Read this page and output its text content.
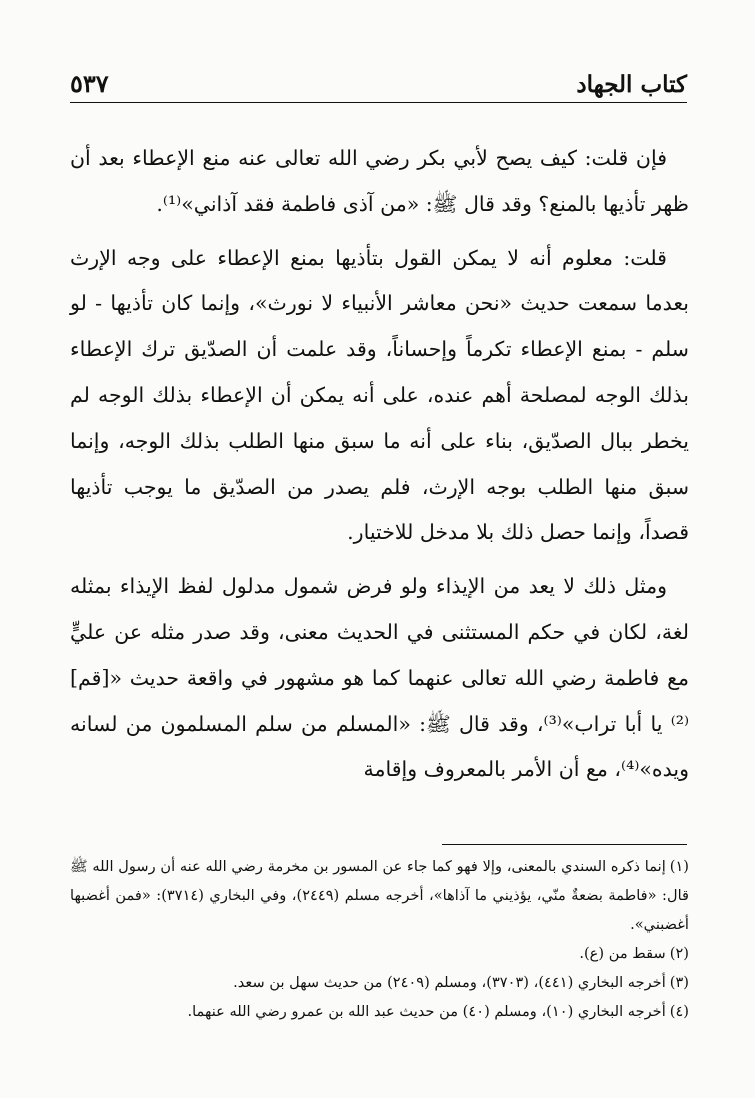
كتاب الجهاد
٥٣٧

فإن قلت: كيف يصح لأبي بكر رضي الله تعالى عنه منع الإعطاء بعد أن ظهر تأذيها بالمنع؟ وقد قال ﷺ: «من آذى فاطمة فقد آذاني»⁽¹⁾.

قلت: معلوم أنه لا يمكن القول بتأذيها بمنع الإعطاء على وجه الإرث بعدما سمعت حديث «نحن معاشر الأنبياء لا نورث»، وإنما كان تأذيها - لو سلم - بمنع الإعطاء تكرماً وإحساناً، وقد علمت أن الصدّيق ترك الإعطاء بذلك الوجه لمصلحة أهم عنده، على أنه يمكن أن الإعطاء بذلك الوجه لم يخطر ببال الصدّيق، بناء على أنه ما سبق منها الطلب بذلك الوجه، وإنما سبق منها الطلب بوجه الإرث، فلم يصدر من الصدّيق ما يوجب تأذيها قصداً، وإنما حصل ذلك بلا مدخل للاختيار.

ومثل ذلك لا يعد من الإيذاء ولو فرض شمول مدلول لفظ الإيذاء بمثله لغة، لكان في حكم المستثنى في الحديث معنى، وقد صدر مثله عن عليٍّ مع فاطمة رضي الله تعالى عنهما كما هو مشهور في واقعة حديث «[قم]⁽²⁾ يا أبا تراب»⁽³⁾، وقد قال ﷺ: «المسلم من سلم المسلمون من لسانه ويده»⁽⁴⁾، مع أن الأمر بالمعروف وإقامة

(١)إنما ذكره السندي بالمعنى، وإلا فهو كما جاء عن المسور بن مخرمة رضي الله عنه أن رسول الله ﷺ قال: «فاطمة بضعةٌ منّي، يؤذيني ما آذاها»، أخرجه مسلم (٢٤٤٩)، وفي البخاري (٣٧١٤): «فمن أغضبها أغضبني».

(٢)سقط من (ع).

(٣)أخرجه البخاري (٤٤١)، (٣٧٠٣)، ومسلم (٢٤٠٩) من حديث سهل بن سعد.

(٤)أخرجه البخاري (١٠)، ومسلم (٤٠) من حديث عبد الله بن عمرو رضي الله عنهما.
